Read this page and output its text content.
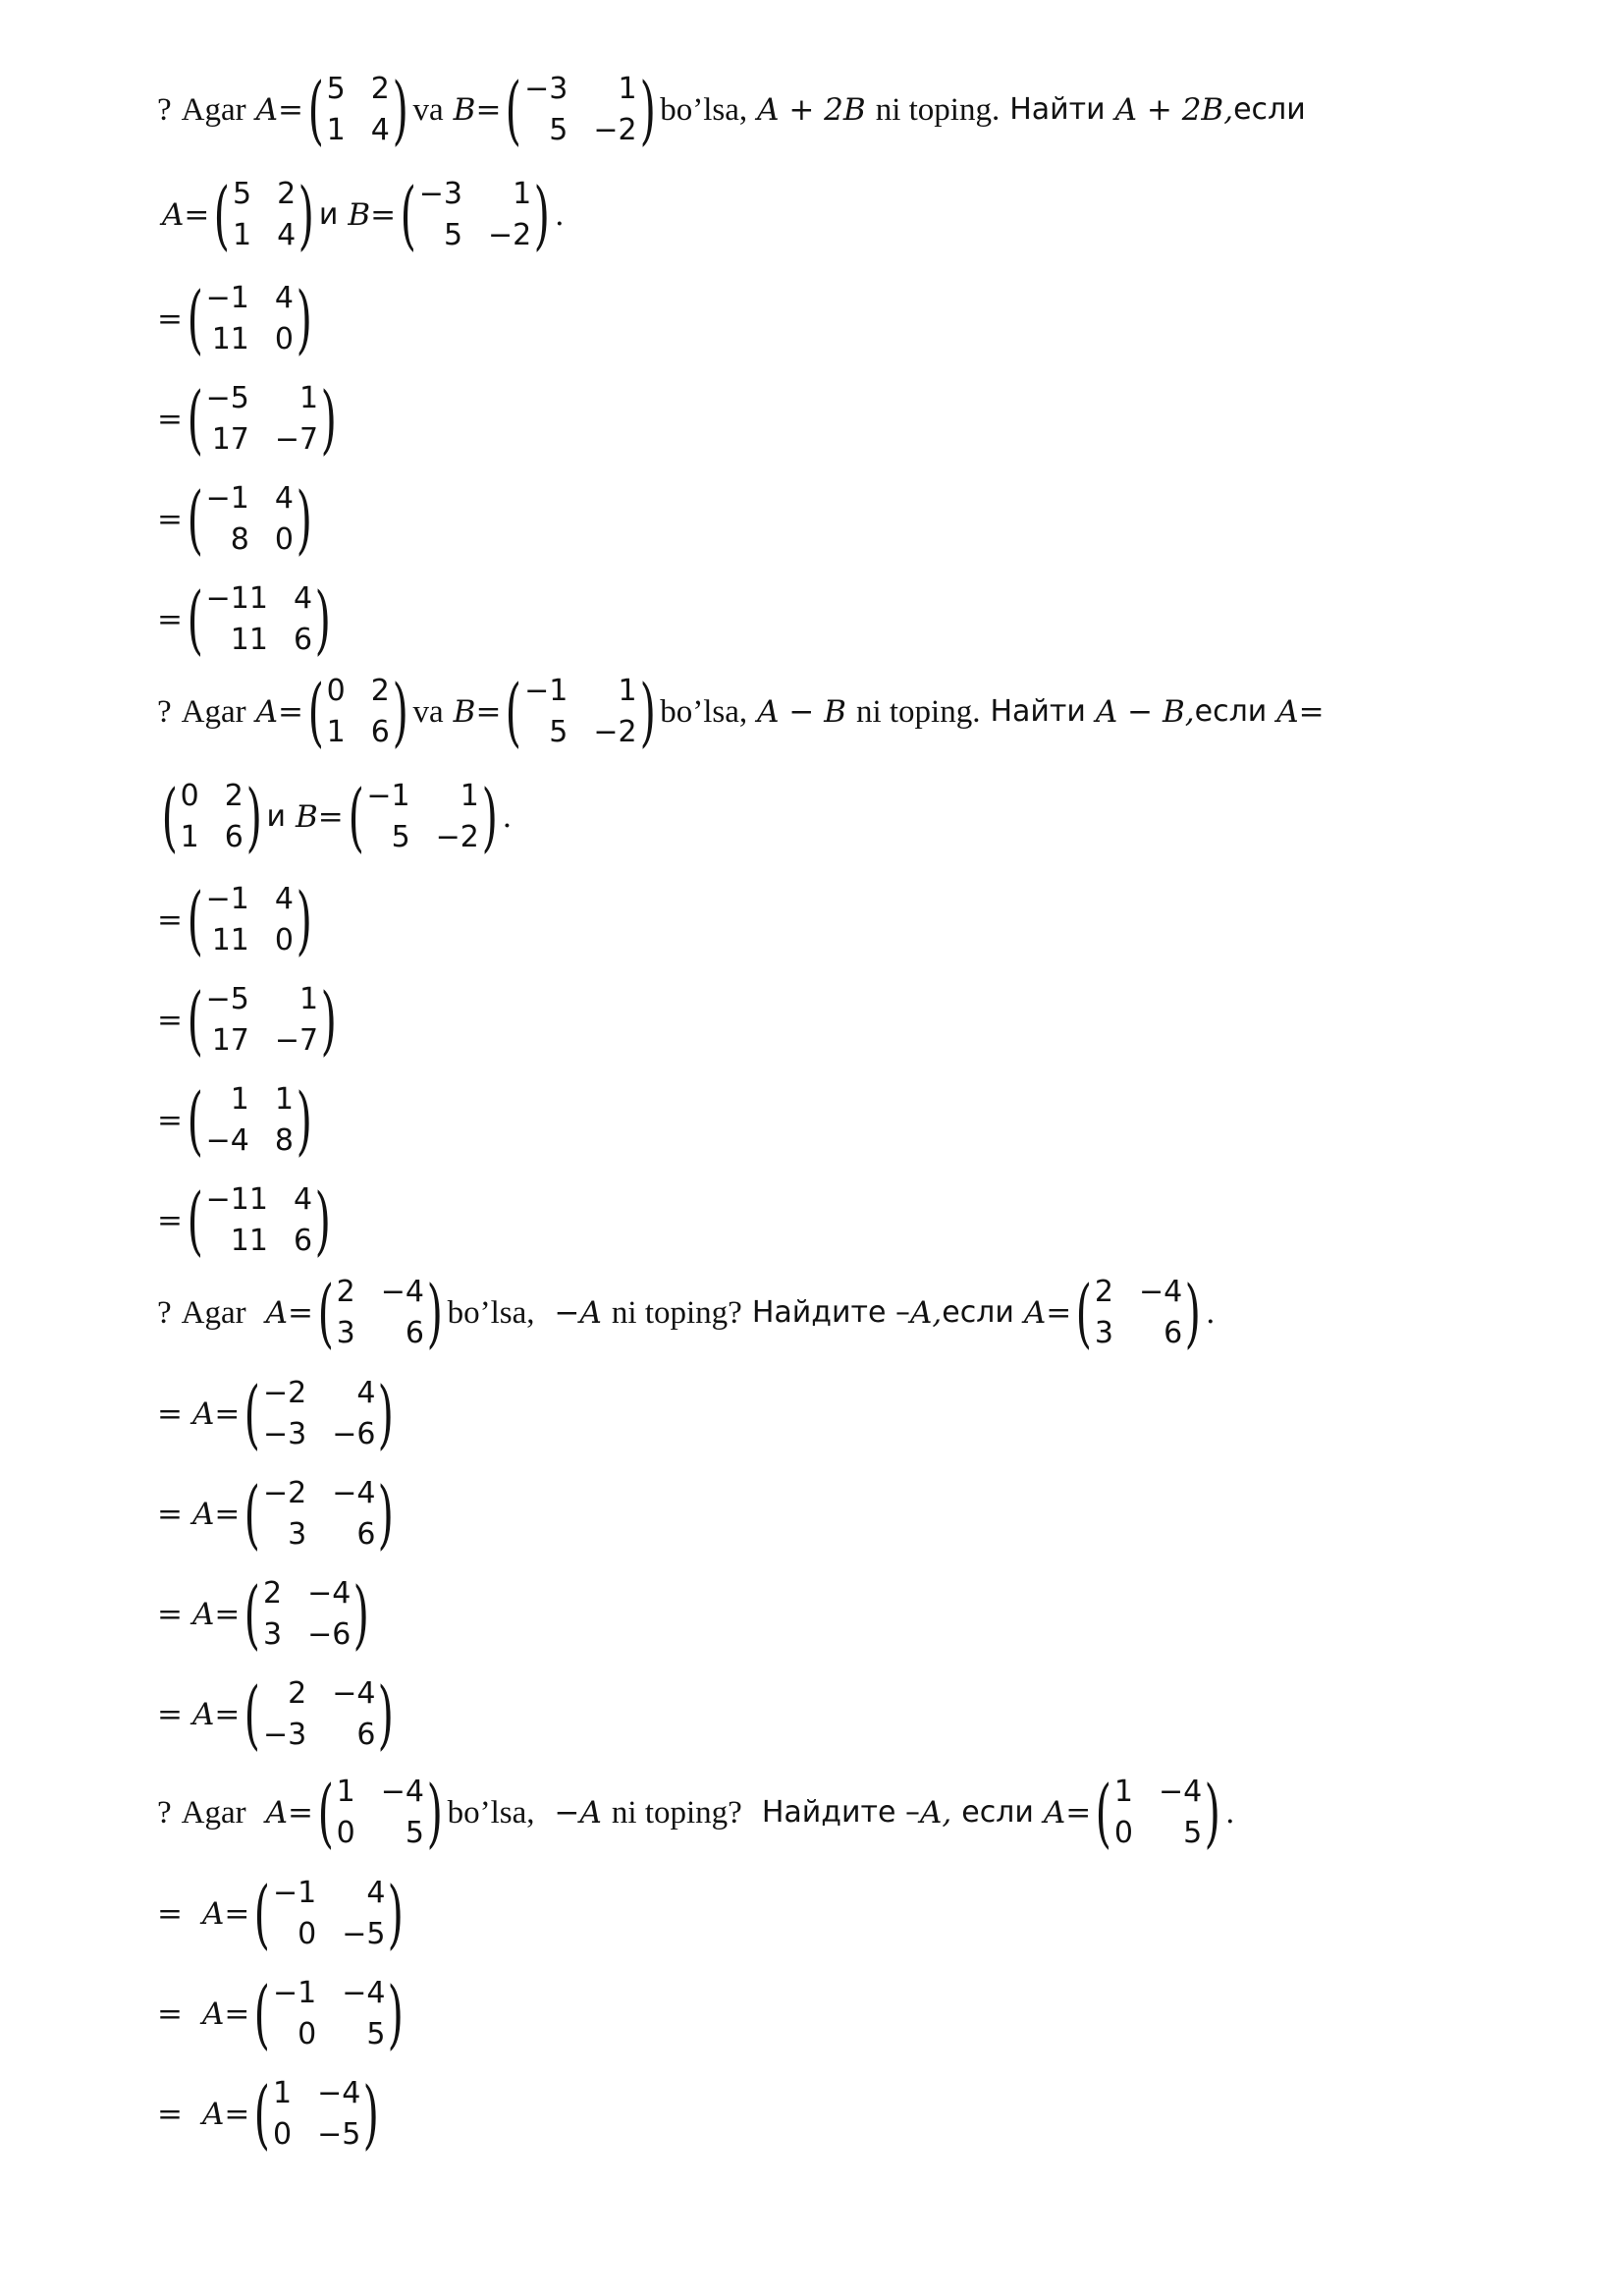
? Agar A = ( 5 2
1 4 ) va B = ( −3	1
5 −2 ) bo’lsa, A + 2B ni toping. Найти A + 2B, если
A = ( 5 2
1 4 ) и B = ( −3	1
5 −2 ) .
= ( −1 4
11 0 )
= ( −5	1
17 −7 )
= ( −1 4
8 0 )
= ( −11 4
11 6 )
? Agar A = ( 0 2
1 6 ) va B = ( −1	1
5 −2 ) bo’lsa, A − B ni toping. Найти A − B, если A =
( 0 2
1 6 ) и B = ( −1	1
5 −2 ) .
= ( −1 4
11 0 )
= ( −5	1
17 −7 )
= ( 1 1
−4 8 )
= ( −11 4
11 6 )
? Agar A = ( 2 −4
3	6 ) bo’lsa, −A ni toping? Найдите – A, если A = ( 2 −4
3	6 ) .
= A = ( −2	4
−3 −6 )
= A = ( −2 −4
3	6 )
= A = ( 2 −4
3 −6 )
= A = ( 2 −4
−3	6 )
? Agar A = ( 1 −4
0	5 ) bo’lsa, −A ni toping? Найдите – A, если A = ( 1 −4
0	5 ) .
= A = ( −1	4
0 −5 )
= A = ( −1 −4
0	5 )
= A = ( 1 −4
0 −5 )
